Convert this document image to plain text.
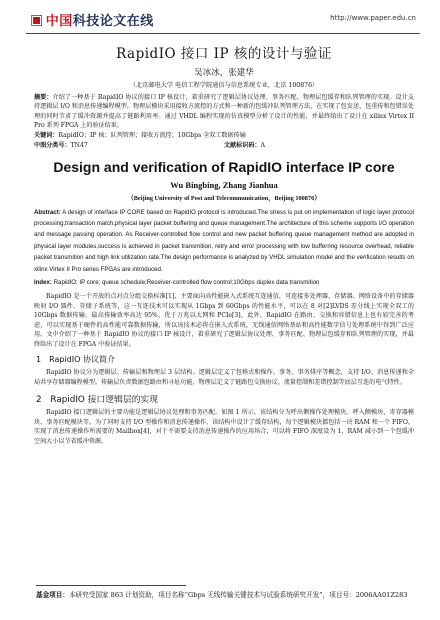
▣ 中国 科技论文在线	http://www.paper.edu.cn
RapidIO 接口 IP 核的设计与验证
吴冰冰，张建华
（北京邮电大学 电信工程学院通信与信息系统专业，北京 100876）

摘要：介绍了一种基于 RapidIO 协议的接口 IP 核设计，着重研究了逻辑层协议处理、事务匹配、物理层包缓存和队列管理的实现。设计支持逻辑层 I/O 和消息传递编程模型。物理层模块采用接收方流控的方式和一种新的包缓冲队列管理方法，在实现了包发送、包重传和包错误处理的同时节省了缓冲资源并提高了链路利用率。通过 VHDL 编程实现的仿真模型分析了设计的性能，并最终给出了设计在 xilinx Virtex II Pro 系列 FPGA 上的验证结果。

关键词：RapidIO；IP 核；队列管理；接收方流控；10Gbps 全双工数据传输
中图分类号：TN47	文献标识码：A
Design and verification of RapidIO interface IP core
Wu Bingbing, Zhang Jianhua
（Beijing University of Post and Telecommunication，Beijing 100876）

Abstract: A design of interface IP CORE based on RapidIO protocol is introduced.The stress is put on implementation of logic layer protocol processing,transaction match,physical layer packet buffering and queue management.The architecture of this scheme supports I/O operation and message passing operation. As Receiver-controlled flow control and new packet buffering queue management method are adopted in physical layer modules,success is achieved in packet transmition, retry and error processing with low bufferring resource overhead, reliable packet transmition and high link utilization rate.The design performance is analyzed by VHDL simulation model and the verification results on xilinx Virtex II Pro series FPGAs are introduced.

Index: RapidIO; IP core; queue schedule;Receiver-controlled flow control;10Gbps duplex data transmition

RapidIO 是一个开放的点对点分组交换标准[1]，主要面向高性能嵌入式系统互连通信，可连接多处理器、存储器、网络设备中的存储器映射 I/O 器件、存储子系统等，这一互连技术可以实现从 1Gbps 到 60Gbps 的性能水平，可以在 8 对[2]LVDS 差分线上实现全双工的 10Gbps 数据传输，最高传输效率高达 95%，优于万兆以太网和 PCIe[3]，此外，RapidIO 在路由、交换和容错信息上也有较完善的考虑，可以实现基于硬件的高性能可靠数据传输，所以该技术必将在嵌入式系统、无线通信网络基站和高性能数字信号处理系统中得到广泛应用。文中介绍了一种基于 RapidIO 协议的接口 IP 核设计，着重研究了逻辑层协议处理、事务匹配、物理层包缓存和队列管理的实现，并最终给出了设计在 FPGA 中验证结果。

1　RapidIO 协议简介

RapidIO 协议分为逻辑层、传输层和物理层 3 层结构。逻辑层定义了包格式和操作、事务、事务排序等概念，支持 I/O、消息传递和全局共享存储器编程模型。传输层负责数据包路由和寻址功能，物理层定义了链路包交换协议、流量控制和差错控制等底层互连的电气特性。

2　RapidIO 接口逻辑层的实现

RapidIO 接口逻辑层的主要功能是逻辑层协议处理和事务匹配。如图 1 所示，该结构分为呼出侧操作处理模块、呼入侧模块、寄存器模块、事务匹配模块等。为了同时支持 I/O 型操作和消息传递操作，该结构中设计了缓存结构，每个逻辑模块都包括一块 RAM 和一个 FIFO，实现了消息传递操作所需要的 Mailbox[4]，对于不需要支持消息传递操作的应用场合，可以将 FIFO 深度设为 1，RAM 减小到一个包缓冲空间大小以节省缓冲资源。

基金项目：本研究受国家 863 计划资助，项目名称“Gbps 无线传输关键技术与试验系统研究开发”，项目号：2006AA01Z283
